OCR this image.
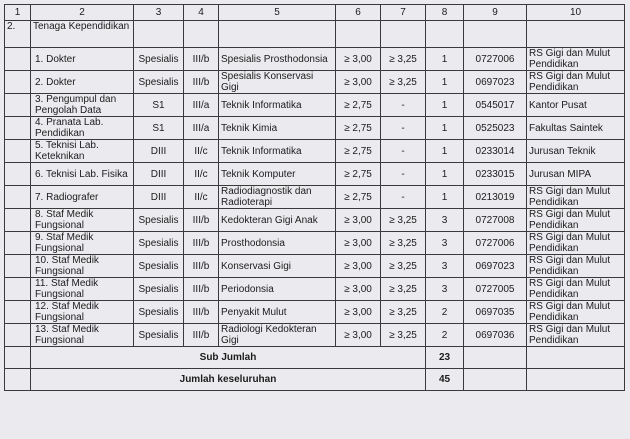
1	2	3	4	5	6	7	8	9	10
2.	Tenaga Kependidikan								
	1. Dokter	Spesialis	III/b	Spesialis Prosthodonsia	≥ 3,00	≥ 3,25	1	0727006	RS Gigi dan Mulut Pendidikan
	2. Dokter	Spesialis	III/b	Spesialis Konservasi Gigi	≥ 3,00	≥ 3,25	1	0697023	RS Gigi dan Mulut Pendidikan
	3. Pengumpul dan Pengolah Data	S1	III/a	Teknik Informatika	≥ 2,75	-	1	0545017	Kantor Pusat
	4. Pranata Lab. Pendidikan	S1	III/a	Teknik Kimia	≥ 2,75	-	1	0525023	Fakultas Saintek
	5. Teknisi Lab. Keteknikan	DIII	II/c	Teknik Informatika	≥ 2,75	-	1	0233014	Jurusan Teknik
	6. Teknisi Lab. Fisika	DIII	II/c	Teknik Komputer	≥ 2,75	-	1	0233015	Jurusan MIPA
	7. Radiografer	DIII	II/c	Radiodiagnostik dan Radioterapi	≥ 2,75	-	1	0213019	RS Gigi dan Mulut Pendidikan
	8. Staf Medik Fungsional	Spesialis	III/b	Kedokteran Gigi Anak	≥ 3,00	≥ 3,25	3	0727008	RS Gigi dan Mulut Pendidikan
	9. Staf Medik Fungsional	Spesialis	III/b	Prosthodonsia	≥ 3,00	≥ 3,25	3	0727006	RS Gigi dan Mulut Pendidikan
	10. Staf Medik Fungsional	Spesialis	III/b	Konservasi Gigi	≥ 3,00	≥ 3,25	3	0697023	RS Gigi dan Mulut Pendidikan
	11. Staf Medik Fungsional	Spesialis	III/b	Periodonsia	≥ 3,00	≥ 3,25	3	0727005	RS Gigi dan Mulut Pendidikan
	12. Staf Medik Fungsional	Spesialis	III/b	Penyakit Mulut	≥ 3,00	≥ 3,25	2	0697035	RS Gigi dan Mulut Pendidikan
	13. Staf Medik Fungsional	Spesialis	III/b	Radiologi Kedokteran Gigi	≥ 3,00	≥ 3,25	2	0697036	RS Gigi dan Mulut Pendidikan
	Sub Jumlah						23		
	Jumlah keseluruhan						45		
